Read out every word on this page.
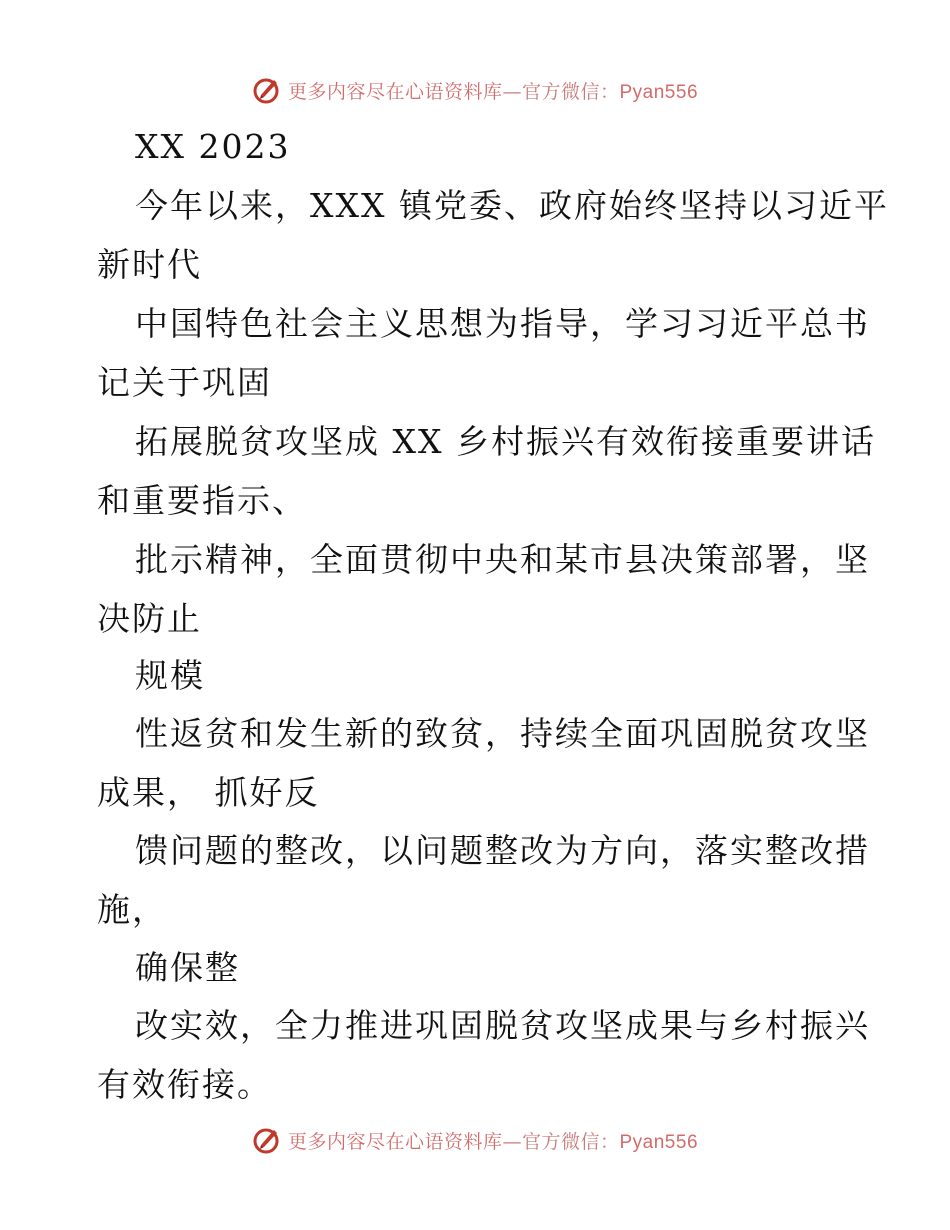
更多内容尽在心语资料库—官方微信：Pyan556
XX 2023
今年以来，XXX 镇党委、政府始终坚持以习近平
新时代
中国特色社会主义思想为指导，学习习近平总书
记关于巩固
拓展脱贫攻坚成 XX 乡村振兴有效衔接重要讲话
和重要指示、
批示精神，全面贯彻中央和某市县决策部署，坚
决防止
规模
性返贫和发生新的致贫，持续全面巩固脱贫攻坚
成果， 抓好反
馈问题的整改，以问题整改为方向，落实整改措
施，
确保整
改实效，全力推进巩固脱贫攻坚成果与乡村振兴
有效衔接。
更多内容尽在心语资料库—官方微信：Pyan556
